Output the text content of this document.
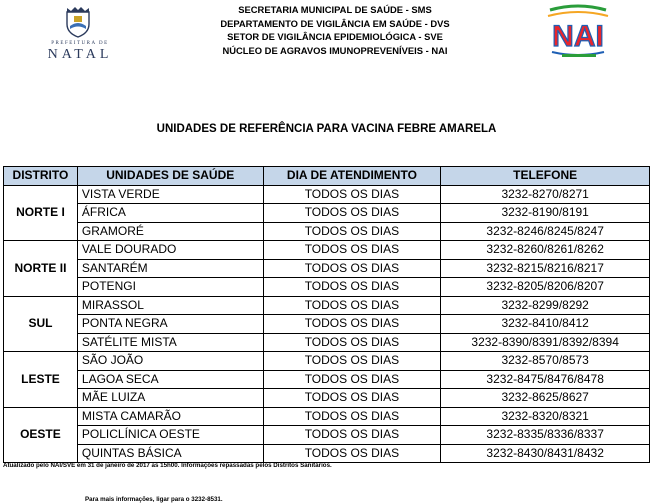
PREFEITURA DE
NATAL
SECRETARIA MUNICIPAL DE SAÚDE - SMS
DEPARTAMENTO DE VIGILÂNCIA EM SAÚDE - DVS
SETOR DE VIGILÂNCIA EPIDEMIOLÓGICA - SVE
NÚCLEO DE AGRAVOS IMUNOPREVENÍVEIS - NAI	NAI
UNIDADES DE REFERÊNCIA PARA VACINA FEBRE AMARELA
DISTRITO	UNIDADES DE SAÚDE	DIA DE ATENDIMENTO	TELEFONE
NORTE I	VISTA VERDE	TODOS OS DIAS	3232-8270/8271
	ÁFRICA	TODOS OS DIAS	3232-8190/8191
	GRAMORÉ	TODOS OS DIAS	3232-8246/8245/8247
NORTE II	VALE DOURADO	TODOS OS DIAS	3232-8260/8261/8262
	SANTARÉM	TODOS OS DIAS	3232-8215/8216/8217
	POTENGI	TODOS OS DIAS	3232-8205/8206/8207
SUL	MIRASSOL	TODOS OS DIAS	3232-8299/8292
	PONTA NEGRA	TODOS OS DIAS	3232-8410/8412
	SATÉLITE MISTA	TODOS OS DIAS	3232-8390/8391/8392/8394
LESTE	SÃO JOÃO	TODOS OS DIAS	3232-8570/8573
	LAGOA SECA	TODOS OS DIAS	3232-8475/8476/8478
	MÃE LUIZA	TODOS OS DIAS	3232-8625/8627
OESTE	MISTA CAMARÃO	TODOS OS DIAS	3232-8320/8321
	POLICLÍNICA OESTE	TODOS OS DIAS	3232-8335/8336/8337
	QUINTAS BÁSICA	TODOS OS DIAS	3232-8430/8431/8432
Atualizado pelo NAI/SVE em 31 de janeiro de 2017 as 15h00. Informações repassadas pelos Distritos Sanitários.
Para mais informações, ligar para o 3232-8531.
